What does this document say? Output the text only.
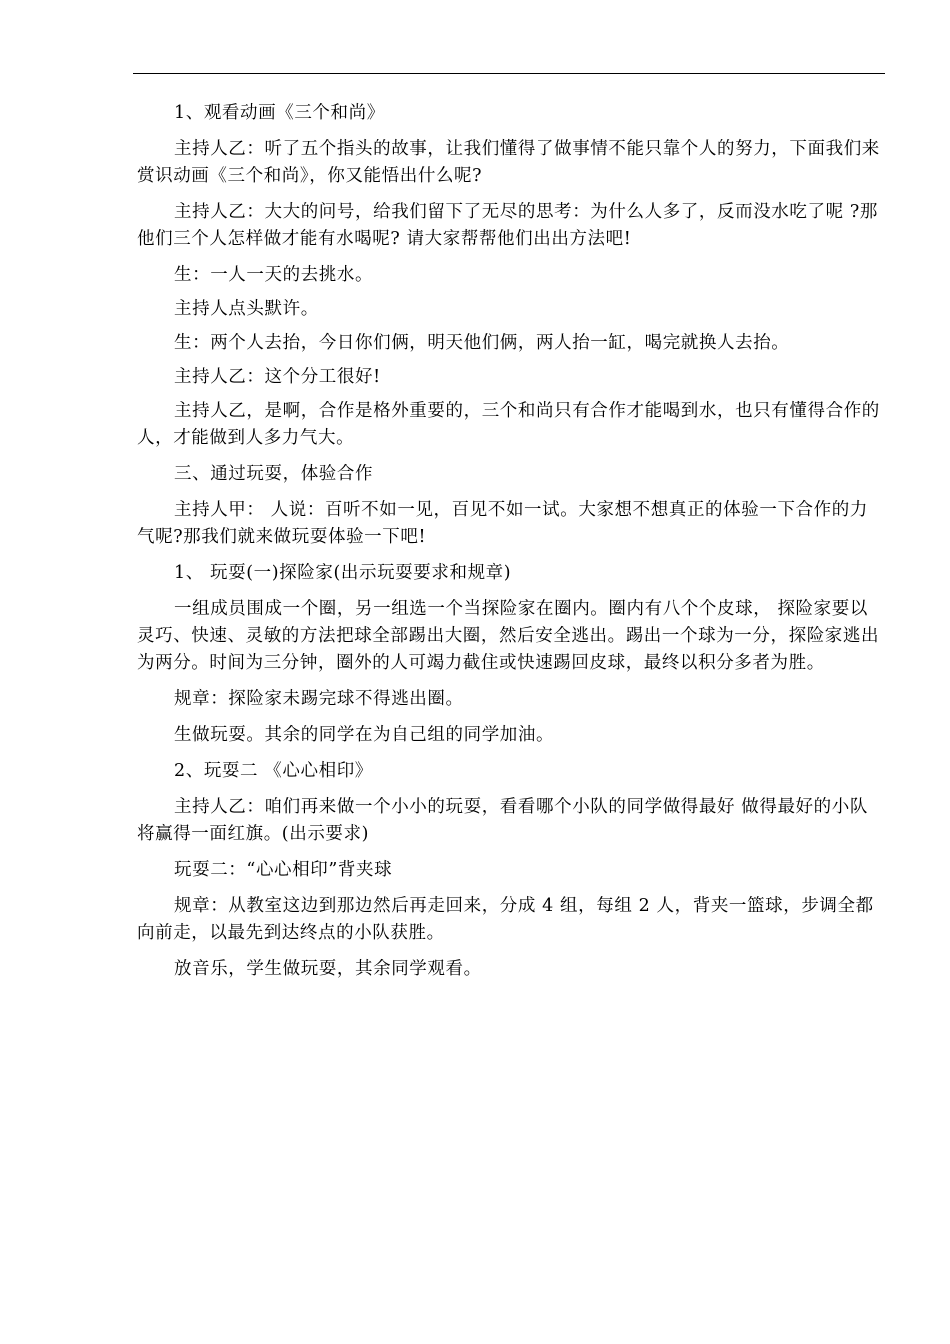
1、观看动画《三个和尚》

主持人乙：听了五个指头的故事，让我们懂得了做事情不能只靠个人的努力，下面我们来赏识动画《三个和尚》，你又能悟出什么呢?

主持人乙：大大的问号，给我们留下了无尽的思考：为什么人多了，反而没水吃了呢 ?那他们三个人怎样做才能有水喝呢? 请大家帮帮他们出出方法吧!

生：一人一天的去挑水。

主持人点头默许。

生：两个人去抬，今日你们俩，明天他们俩，两人抬一缸，喝完就换人去抬。

主持人乙：这个分工很好!

主持人乙，是啊，合作是格外重要的，三个和尚只有合作才能喝到水，也只有懂得合作的人，才能做到人多力气大。

三、通过玩耍，体验合作

主持人甲： 人说：百听不如一见，百见不如一试。大家想不想真正的体验一下合作的力气呢?那我们就来做玩耍体验一下吧!

1、 玩耍(一)探险家(出示玩耍要求和规章)

一组成员围成一个圈，另一组选一个当探险家在圈内。圈内有八个个皮球， 探险家要以灵巧、快速、灵敏的方法把球全部踢出大圈，然后安全逃出。踢出一个球为一分，探险家逃出为两分。时间为三分钟，圈外的人可竭力截住或快速踢回皮球，最终以积分多者为胜。

规章：探险家未踢完球不得逃出圈。

生做玩耍。其余的同学在为自己组的同学加油。

2、玩耍二 《心心相印》

主持人乙：咱们再来做一个小小的玩耍，看看哪个小队的同学做得最好 做得最好的小队将赢得一面红旗。(出示要求)

玩耍二：“心心相印”背夹球

规章：从教室这边到那边然后再走回来，分成 4 组，每组 2 人，背夹一篮球，步调全都向前走，以最先到达终点的小队获胜。

放音乐，学生做玩耍，其余同学观看。
